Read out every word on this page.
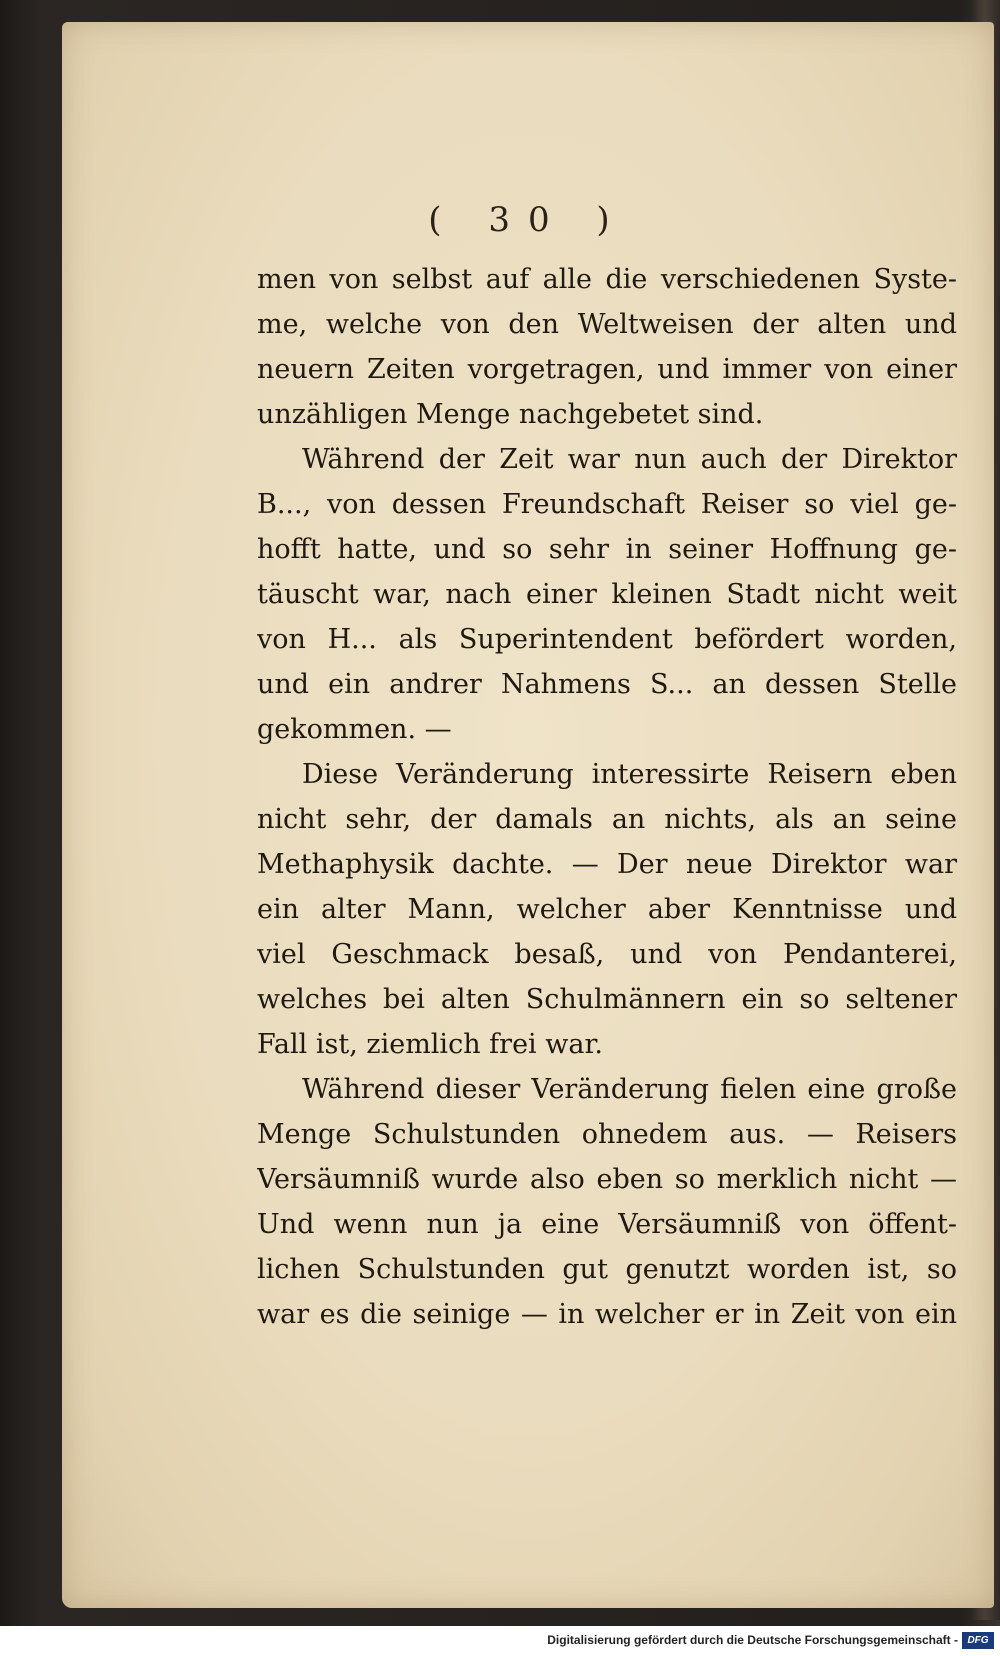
( 30 )
men von selbst auf alle die verschiedenen Syste-
me, welche von den Weltweisen der alten und
neuern Zeiten vorgetragen, und immer von einer
unzähligen Menge nachgebetet sind.
Während der Zeit war nun auch der Direktor
B..., von dessen Freundschaft Reiser so viel ge-
hofft hatte, und so sehr in seiner Hoffnung ge-
täuscht war, nach einer kleinen Stadt nicht weit
von H... als Superintendent befördert worden,
und ein andrer Nahmens S... an dessen Stelle
gekommen. —
Diese Veränderung interessirte Reisern eben
nicht sehr, der damals an nichts, als an seine
Methaphysik dachte. — Der neue Direktor war
ein alter Mann, welcher aber Kenntnisse und
viel Geschmack besaß, und von Pendanterei,
welches bei alten Schulmännern ein so seltener
Fall ist, ziemlich frei war.
Während dieser Veränderung fielen eine große
Menge Schulstunden ohnedem aus. — Reisers
Versäumniß wurde also eben so merklich nicht —
Und wenn nun ja eine Versäumniß von öffent-
lichen Schulstunden gut genutzt worden ist, so
war es die seinige — in welcher er in Zeit von ein
Digitalisierung gefördert durch die Deutsche Forschungsgemeinschaft - DFG
